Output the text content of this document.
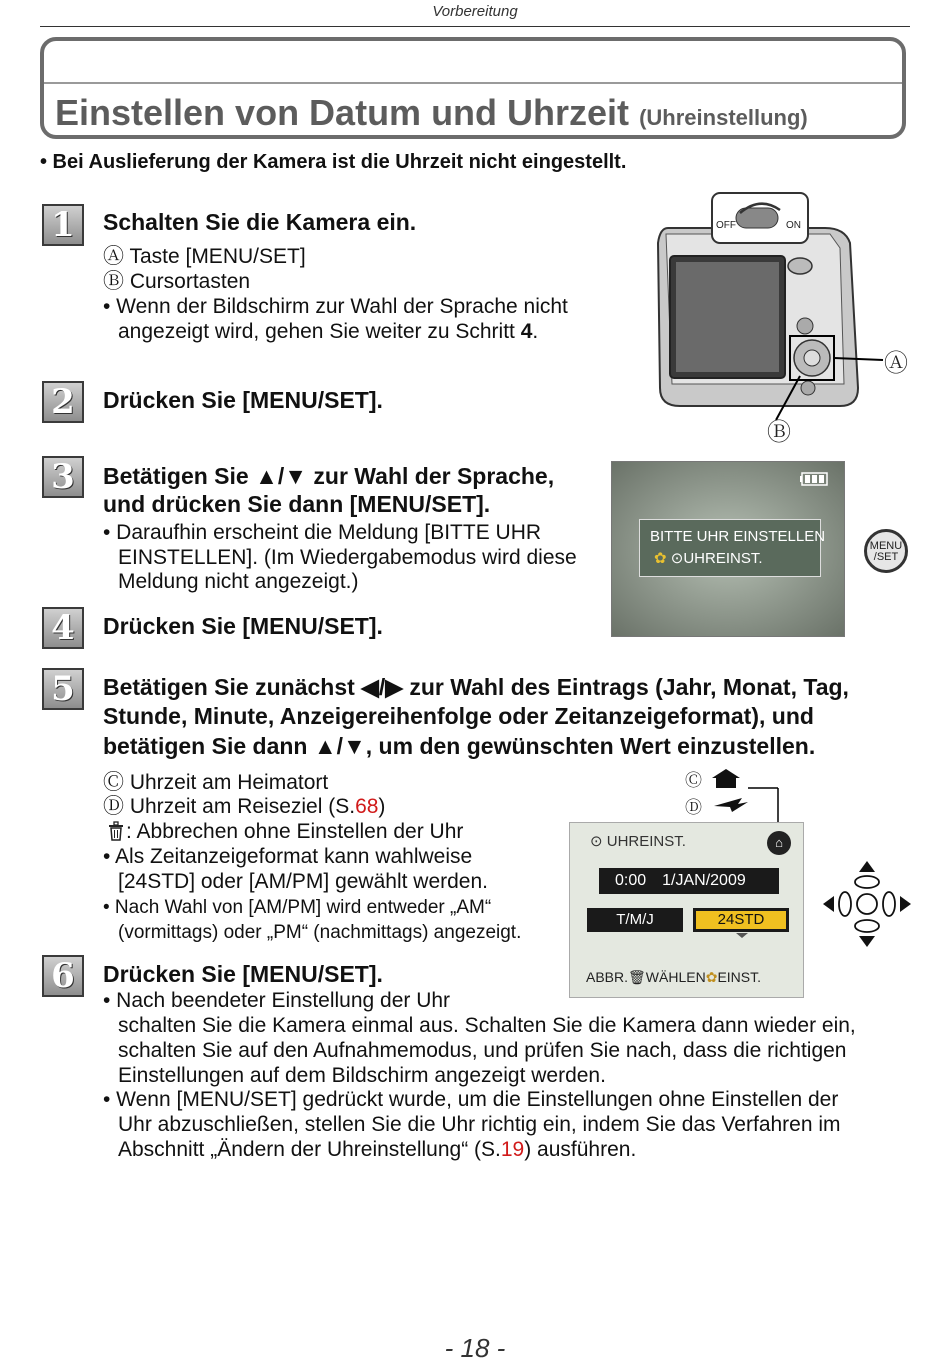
Vorbereitung
Einstellen von Datum und Uhrzeit (Uhreinstellung)
• Bei Auslieferung der Kamera ist die Uhrzeit nicht eingestellt.
1	Schalten Sie die Kamera ein.
Ⓐ Taste [MENU/SET]
Ⓑ Cursortasten
• Wenn der Bildschirm zur Wahl der Sprache nicht
angezeigt wird, gehen Sie weiter zu Schritt 4.
2	Drücken Sie [MENU/SET].
3	Betätigen Sie ▲/▼ zur Wahl der Sprache,
und drücken Sie dann [MENU/SET].
• Daraufhin erscheint die Meldung [BITTE UHR
EINSTELLEN]. (Im Wiedergabemodus wird diese
Meldung nicht angezeigt.)
4	Drücken Sie [MENU/SET].
5	Betätigen Sie zunächst ◀/▶ zur Wahl des Eintrags (Jahr, Monat, Tag,
Stunde, Minute, Anzeigereihenfolge oder Zeitanzeigeformat), und
betätigen Sie dann ▲/▼, um den gewünschten Wert einzustellen.
Ⓒ Uhrzeit am Heimatort
Ⓓ Uhrzeit am Reiseziel (S.68)
: Abbrechen ohne Einstellen der Uhr
• Als Zeitanzeigeformat kann wahlweise
[24STD] oder [AM/PM] gewählt werden.
• Nach Wahl von [AM/PM] wird entweder „AM“
(vormittags) oder „PM“ (nachmittags) angezeigt.
6	Drücken Sie [MENU/SET].
• Nach beendeter Einstellung der Uhr
schalten Sie die Kamera einmal aus. Schalten Sie die Kamera dann wieder ein,
schalten Sie auf den Aufnahmemodus, und prüfen Sie nach, dass die richtigen
Einstellungen auf dem Bildschirm angezeigt werden.
• Wenn [MENU/SET] gedrückt wurde, um die Einstellungen ohne Einstellen der
Uhr abzuschließen, stellen Sie die Uhr richtig ein, indem Sie das Verfahren im
Abschnitt „Ändern der Uhreinstellung“ (S.19) ausführen.
OFF	ON
Ⓐ
Ⓑ
BITTE UHR EINSTELLEN
✿ ⊙UHREINST.
MENU
/SET
Ⓒ
Ⓓ
⊙ UHREINST.	⌂
0:00 1/JAN/2009
T/M/J	24STD
ABBR.🗑WÄHLEN✿EINST.
- 18 -
